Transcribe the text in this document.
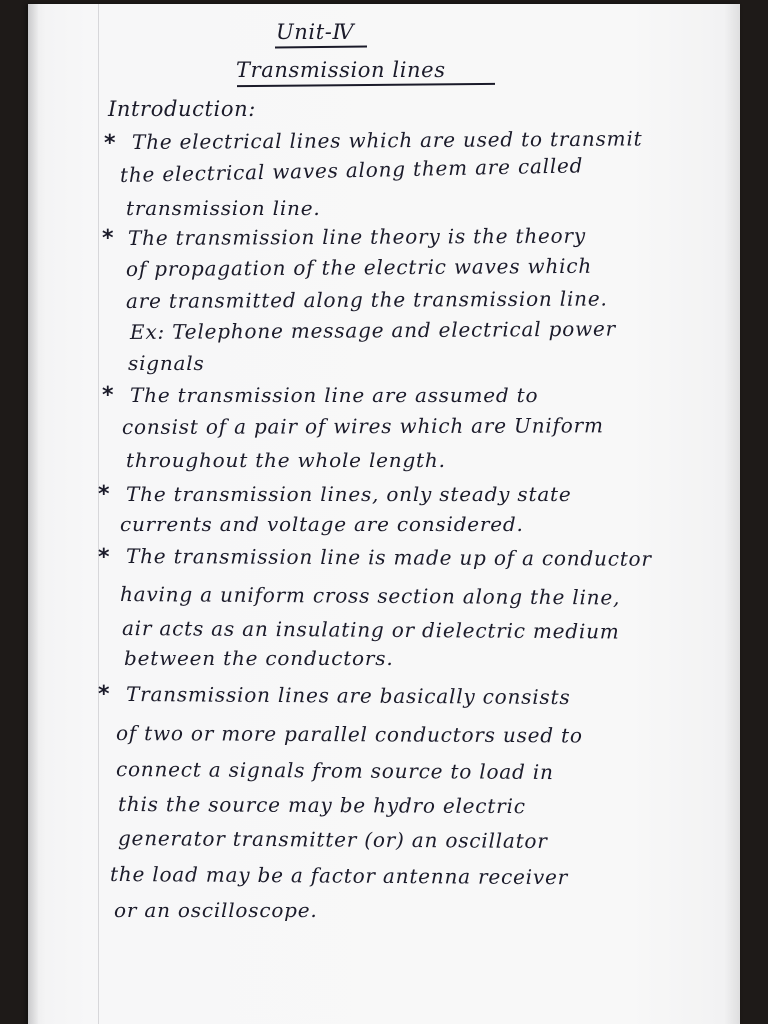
Unit-Ⅳ
Transmission lines
Introduction:
* The electrical lines which are used to transmit
the electrical waves along them are called
transmission line.
* The transmission line theory is the theory
of propagation of the electric waves which
are transmitted along the transmission line.
Ex: Telephone message and electrical power
signals
* The transmission line are assumed to
consist of a pair of wires which are Uniform
throughout the whole length.
* The transmission lines, only steady state
currents and voltage are considered.
* The transmission line is made up of a conductor
having a uniform cross section along the line,
air acts as an insulating or dielectric medium
between the conductors.
* Transmission lines are basically consists
of two or more parallel conductors used to
connect a signals from source to load in
this the source may be hydro electric
generator transmitter (or) an oscillator
the load may be a factor antenna receiver
or an oscilloscope.
